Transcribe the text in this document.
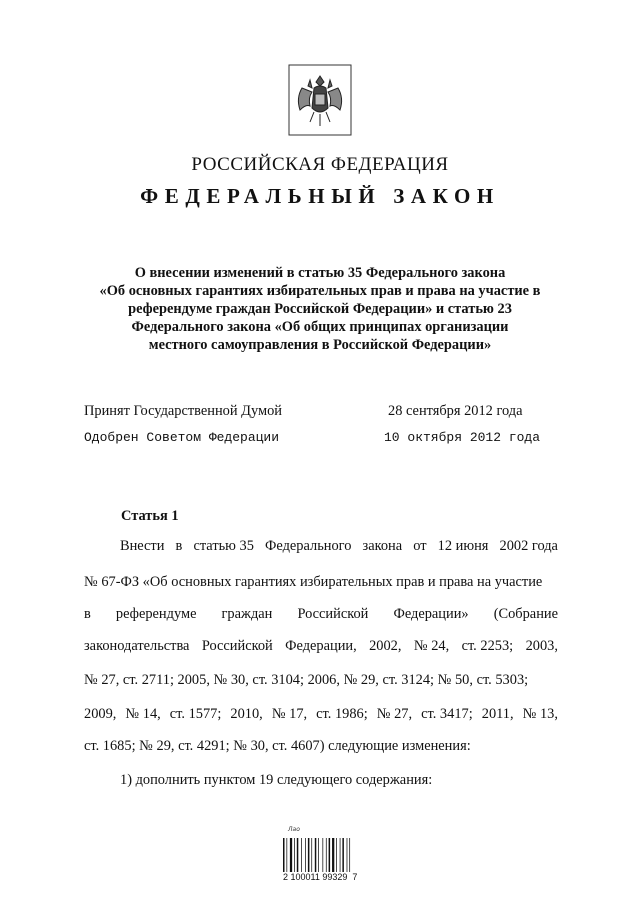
РОССИЙСКАЯ ФЕДЕРАЦИЯ
ФЕДЕРАЛЬНЫЙ ЗАКОН
О внесении изменений в статью 35 Федерального закона
«Об основных гарантиях избирательных прав и права на участие в
референдуме граждан Российской Федерации» и статью 23
Федерального закона «Об общих принципах организации
местного самоуправления в Российской Федерации»
Принят Государственной Думой	28 сентября 2012 года
Одобрен Советом Федерации	10 октября 2012 года
Статья 1
Внести в статью 35 Федерального закона от 12 июня 2002 года
№ 67-ФЗ «Об основных гарантиях избирательных прав и права на участие
в референдуме граждан Российской Федерации» (Собрание
законодательства Российской Федерации, 2002, № 24, ст. 2253; 2003,
№ 27, ст. 2711; 2005, № 30, ст. 3104; 2006, № 29, ст. 3124; № 50, ст. 5303;
2009, № 14, ст. 1577; 2010, № 17, ст. 1986; № 27, ст. 3417; 2011, № 13,
ст. 1685; № 29, ст. 4291; № 30, ст. 4607) следующие изменения:
1) дополнить пунктом 19 следующего содержания:
Лао
2 100011 99329  7
